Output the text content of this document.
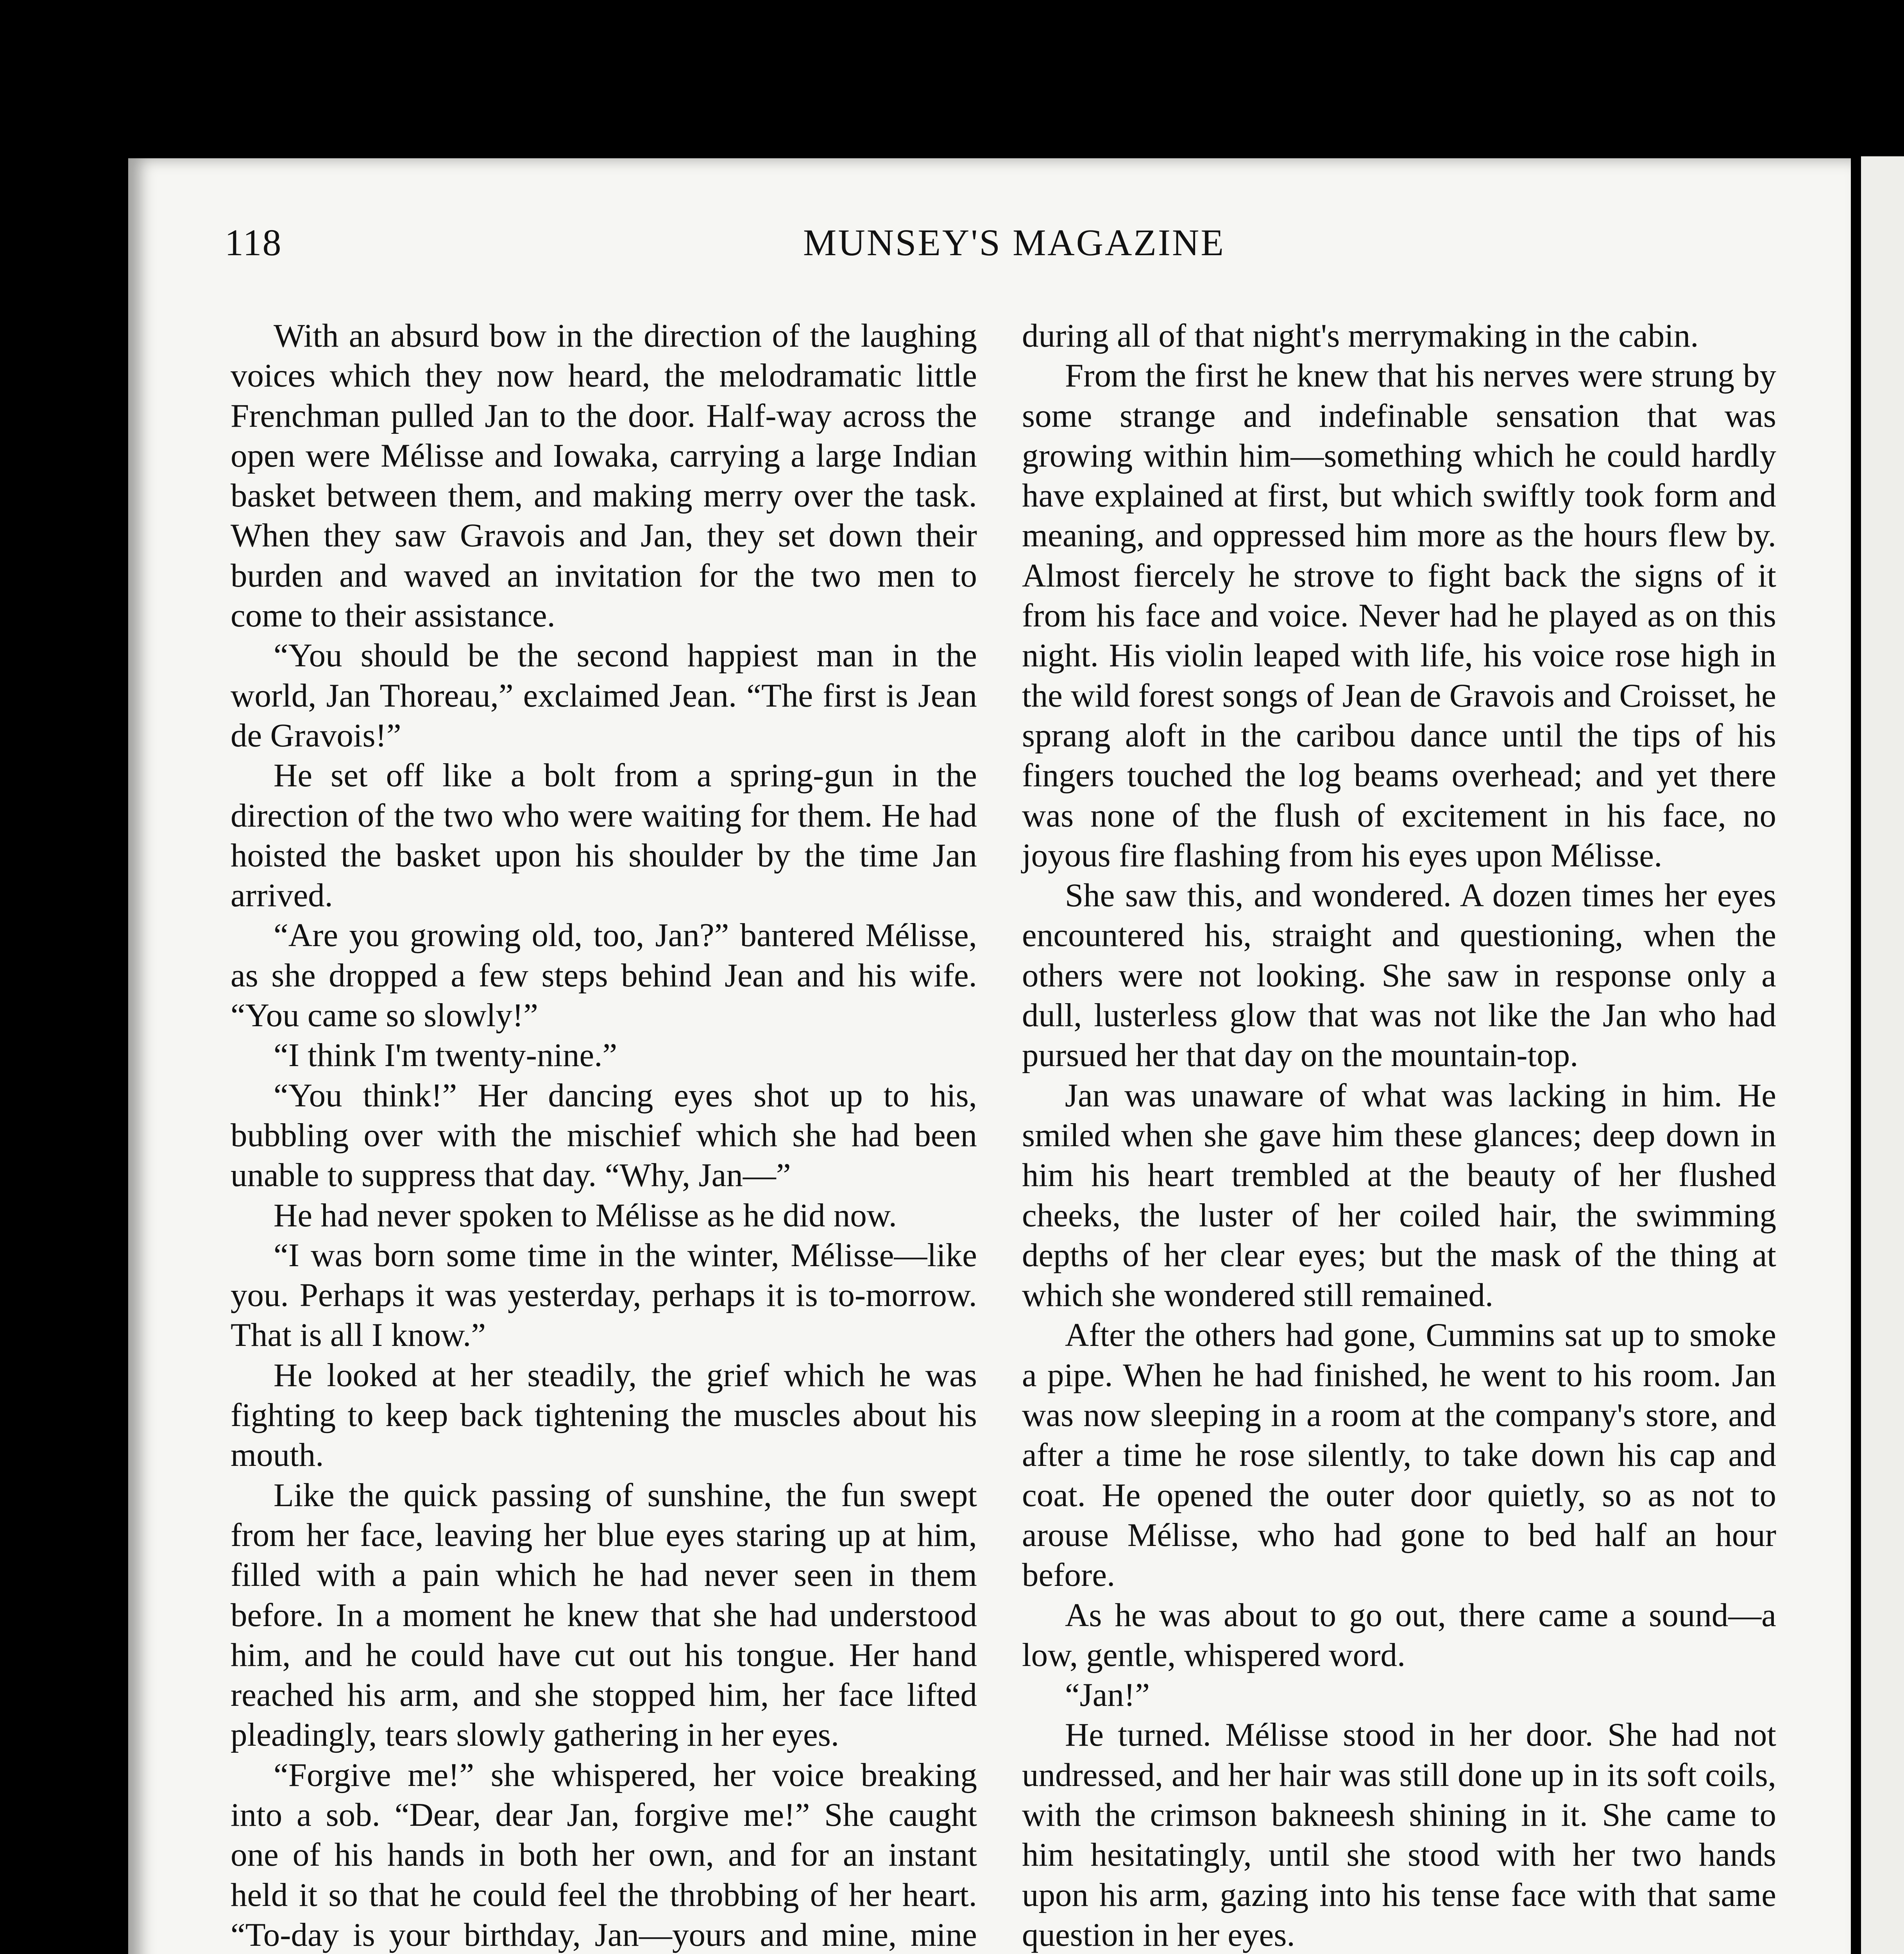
118	MUNSEY'S MAGAZINE

With an absurd bow in the direction of the laughing voices which they now heard, the melodramatic little Frenchman pulled Jan to the door. Half-way across the open were Mélisse and Iowaka, carrying a large Indian basket between them, and making merry over the task. When they saw Gravois and Jan, they set down their burden and waved an invitation for the two men to come to their assistance.

“You should be the second happiest man in the world, Jan Thoreau,” exclaimed Jean. “The first is Jean de Gravois!”

He set off like a bolt from a spring-gun in the direction of the two who were waiting for them. He had hoisted the basket upon his shoulder by the time Jan arrived.

“Are you growing old, too, Jan?” bantered Mélisse, as she dropped a few steps behind Jean and his wife. “You came so slowly!”

“I think I'm twenty-nine.”

“You think!” Her dancing eyes shot up to his, bubbling over with the mischief which she had been unable to suppress that day. “Why, Jan—”

He had never spoken to Mélisse as he did now.

“I was born some time in the winter, Mélisse—like you. Perhaps it was yesterday, perhaps it is to-morrow. That is all I know.”

He looked at her steadily, the grief which he was fighting to keep back tightening the muscles about his mouth.

Like the quick passing of sunshine, the fun swept from her face, leaving her blue eyes staring up at him, filled with a pain which he had never seen in them before. In a moment he knew that she had understood him, and he could have cut out his tongue. Her hand reached his arm, and she stopped him, her face lifted pleadingly, tears slowly gathering in her eyes.

“Forgive me!” she whispered, her voice breaking into a sob. “Dear, dear Jan, forgive me!” She caught one of his hands in both her own, and for an instant held it so that he could feel the throbbing of her heart. “To-day is your birthday, Jan—yours and mine, mine

during all of that night's merrymaking in the cabin.

From the first he knew that his nerves were strung by some strange and indefinable sensation that was growing within him—something which he could hardly have explained at first, but which swiftly took form and meaning, and oppressed him more as the hours flew by. Almost fiercely he strove to fight back the signs of it from his face and voice. Never had he played as on this night. His violin leaped with life, his voice rose high in the wild forest songs of Jean de Gravois and Croisset, he sprang aloft in the caribou dance until the tips of his fingers touched the log beams overhead; and yet there was none of the flush of excitement in his face, no joyous fire flashing from his eyes upon Mélisse.

She saw this, and wondered. A dozen times her eyes encountered his, straight and questioning, when the others were not looking. She saw in response only a dull, lusterless glow that was not like the Jan who had pursued her that day on the mountain-top.

Jan was unaware of what was lacking in him. He smiled when she gave him these glances; deep down in him his heart trembled at the beauty of her flushed cheeks, the luster of her coiled hair, the swimming depths of her clear eyes; but the mask of the thing at which she wondered still remained.

After the others had gone, Cummins sat up to smoke a pipe. When he had finished, he went to his room. Jan was now sleeping in a room at the company's store, and after a time he rose silently, to take down his cap and coat. He opened the outer door quietly, so as not to arouse Mélisse, who had gone to bed half an hour before.

As he was about to go out, there came a sound—a low, gentle, whispered word.

“Jan!”

He turned. Mélisse stood in her door. She had not undressed, and her hair was still done up in its soft coils, with the crimson bakneesh shining in it. She came to him hesitatingly, until she stood with her two hands upon his arm, gazing into his tense face with that same question in her eyes.
